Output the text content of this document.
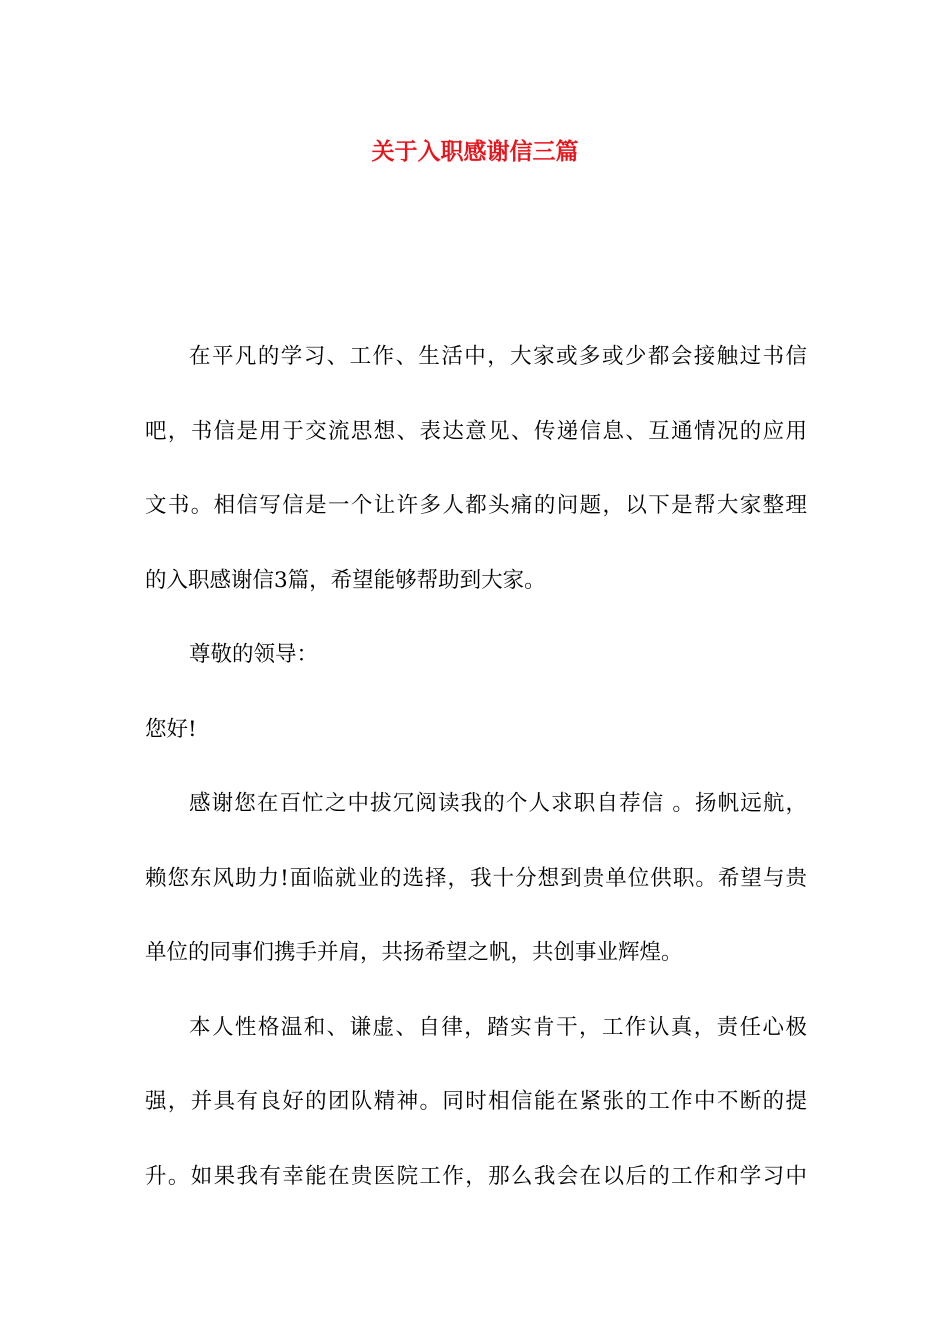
关于入职感谢信三篇
在平凡的学习、工作、生活中，大家或多或少都会接触过书信
吧，书信是用于交流思想、表达意见、传递信息、互通情况的应用
文书。相信写信是一个让许多人都头痛的问题，以下是帮大家整理
的入职感谢信3篇，希望能够帮助到大家。
尊敬的领导：
您好!
感谢您在百忙之中拔冗阅读我的个人求职自荐信 。扬帆远航，
赖您东风助力!面临就业的选择，我十分想到贵单位供职。希望与贵
单位的同事们携手并肩，共扬希望之帆，共创事业辉煌。
本人性格温和、谦虚、自律，踏实肯干，工作认真，责任心极
强，并具有良好的团队精神。同时相信能在紧张的工作中不断的提
升。如果我有幸能在贵医院工作，那么我会在以后的工作和学习中
